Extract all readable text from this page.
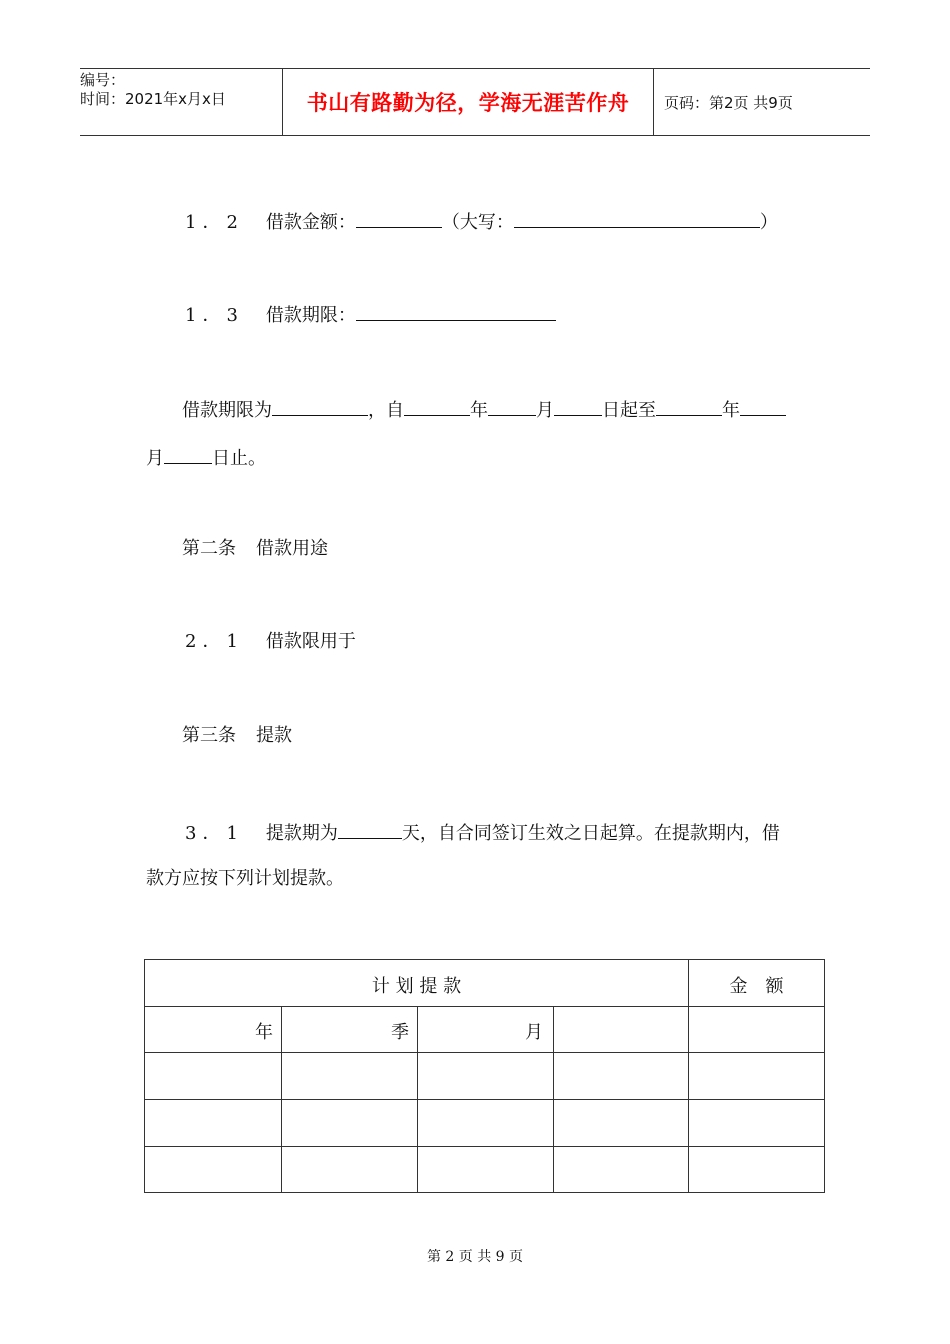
编号：
时间：2021年x月x日	书山有路勤为径，学海无涯苦作舟	页码：第2页 共9页
1．2 借款金额：	（大写：	）
1．3 借款期限：
借款期限为	，自	年	月	日起至	年
月	日止。
第二条 借款用途
2．1 借款限用于
第三条 提款
3．1 提款期为	天，自合同签订生效之日起算。在提款期内，借
款方应按下列计划提款。
计 划 提 款	金　额
年	季	月
第 2 页 共 9 页
